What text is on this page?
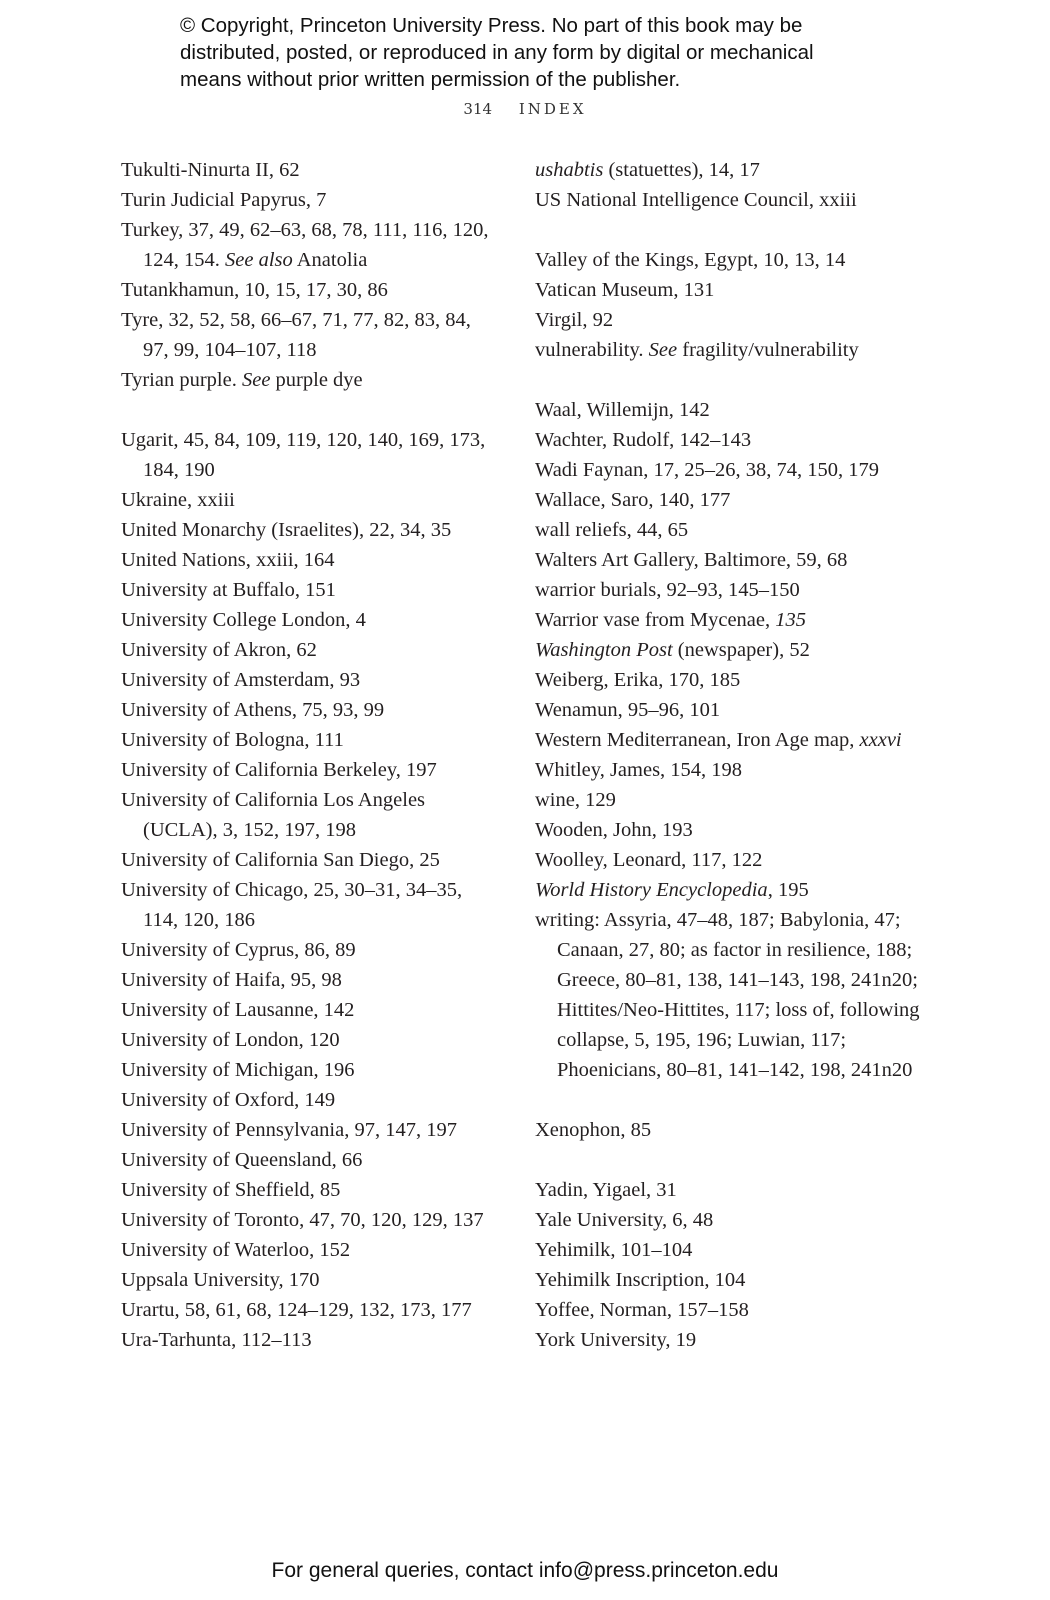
© Copyright, Princeton University Press. No part of this book may be
distributed, posted, or reproduced in any form by digital or mechanical
means without prior written permission of the publisher.
314 INDEX

Tukulti-Ninurta II, 62

Turin Judicial Papyrus, 7

Turkey, 37, 49, 62–63, 68, 78, 111, 116, 120, 124, 154. See also Anatolia

Tutankhamun, 10, 15, 17, 30, 86

Tyre, 32, 52, 58, 66–67, 71, 77, 82, 83, 84, 97, 99, 104–107, 118

Tyrian purple. See purple dye

Ugarit, 45, 84, 109, 119, 120, 140, 169, 173, 184, 190

Ukraine, xxiii

United Monarchy (Israelites), 22, 34, 35

United Nations, xxiii, 164

University at Buffalo, 151

University College London, 4

University of Akron, 62

University of Amsterdam, 93

University of Athens, 75, 93, 99

University of Bologna, 111

University of California Berkeley, 197

University of California Los Angeles (UCLA), 3, 152, 197, 198

University of California San Diego, 25

University of Chicago, 25, 30–31, 34–35, 114, 120, 186

University of Cyprus, 86, 89

University of Haifa, 95, 98

University of Lausanne, 142

University of London, 120

University of Michigan, 196

University of Oxford, 149

University of Pennsylvania, 97, 147, 197

University of Queensland, 66

University of Sheffield, 85

University of Toronto, 47, 70, 120, 129, 137

University of Waterloo, 152

Uppsala University, 170

Urartu, 58, 61, 68, 124–129, 132, 173, 177

Ura-Tarhunta, 112–113

ushabtis (statuettes), 14, 17

US National Intelligence Council, xxiii

Valley of the Kings, Egypt, 10, 13, 14

Vatican Museum, 131

Virgil, 92

vulnerability. See fragility/vulnerability

Waal, Willemijn, 142

Wachter, Rudolf, 142–143

Wadi Faynan, 17, 25–26, 38, 74, 150, 179

Wallace, Saro, 140, 177

wall reliefs, 44, 65

Walters Art Gallery, Baltimore, 59, 68

warrior burials, 92–93, 145–150

Warrior vase from Mycenae, 135

Washington Post (newspaper), 52

Weiberg, Erika, 170, 185

Wenamun, 95–96, 101

Western Mediterranean, Iron Age map, xxxvi

Whitley, James, 154, 198

wine, 129

Wooden, John, 193

Woolley, Leonard, 117, 122

World History Encyclopedia, 195

writing: Assyria, 47–48, 187; Babylonia, 47; Canaan, 27, 80; as factor in resilience, 188; Greece, 80–81, 138, 141–143, 198, 241n20; Hittites/Neo-Hittites, 117; loss of, following collapse, 5, 195, 196; Luwian, 117; Phoenicians, 80–81, 141–142, 198, 241n20

Xenophon, 85

Yadin, Yigael, 31

Yale University, 6, 48

Yehimilk, 101–104

Yehimilk Inscription, 104

Yoffee, Norman, 157–158

York University, 19

For general queries, contact info@press.princeton.edu
